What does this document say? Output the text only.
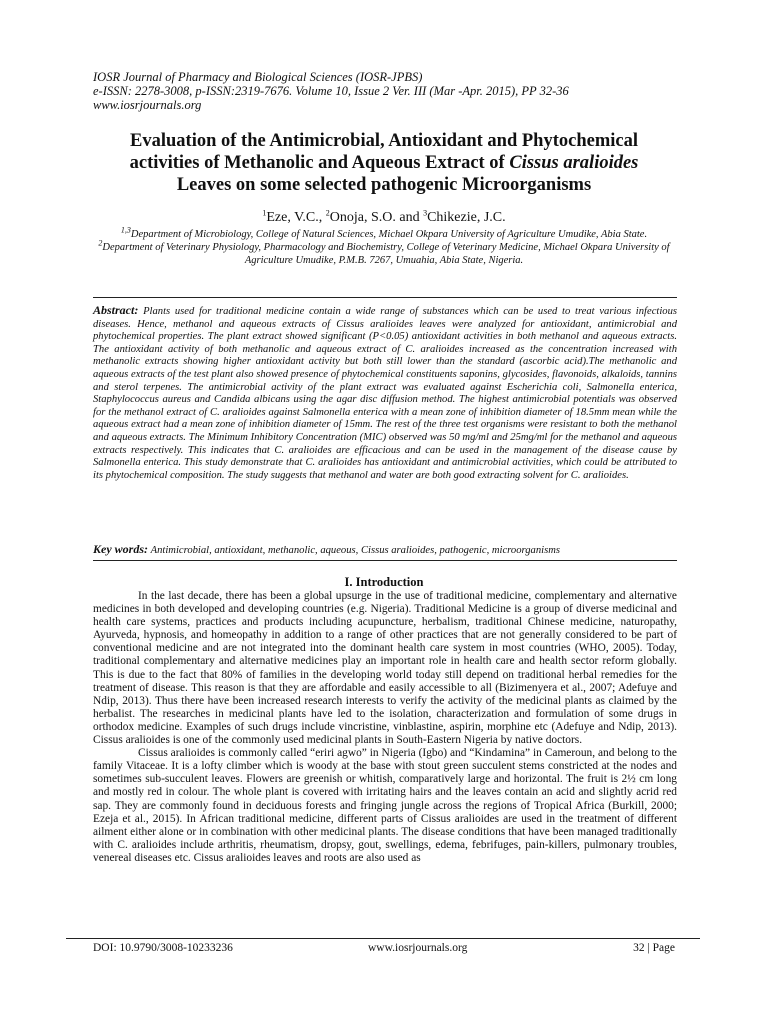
IOSR Journal of Pharmacy and Biological Sciences (IOSR-JPBS)
e-ISSN: 2278-3008, p-ISSN:2319-7676. Volume 10, Issue 2 Ver. III (Mar -Apr. 2015), PP 32-36
www.iosrjournals.org
Evaluation of the Antimicrobial, Antioxidant and Phytochemical
activities of Methanolic and Aqueous Extract of Cissus aralioides
Leaves on some selected pathogenic Microorganisms
$^1$Eze, V.C., $^2$Onoja, S.O. and $^3$Chikezie, J.C.

$^{1,3}$Department of Microbiology, College of Natural Sciences, Michael Okpara University of Agriculture Umudike, Abia State.

$^2$Department of Veterinary Physiology, Pharmacology and Biochemistry, College of Veterinary Medicine, Michael Okpara University of Agriculture Umudike, P.M.B. 7267, Umuahia, Abia State, Nigeria.

Abstract: Plants used for traditional medicine contain a wide range of substances which can be used to treat various infectious diseases. Hence, methanol and aqueous extracts of Cissus aralioides leaves were analyzed for antioxidant, antimicrobial and phytochemical properties. The plant extract showed significant (P<0.05) antioxidant activities in both methanol and aqueous extracts. The antioxidant activity of both methanolic and aqueous extract of C. aralioides increased as the concentration increased with methanolic extracts showing higher antioxidant activity but both still lower than the standard (ascorbic acid).The methanolic and aqueous extracts of the test plant also showed presence of phytochemical constituents saponins, glycosides, flavonoids, alkaloids, tannins and sterol terpenes. The antimicrobial activity of the plant extract was evaluated against Escherichia coli, Salmonella enterica, Staphylococcus aureus and Candida albicans using the agar disc diffusion method. The highest antimicrobial potentials was observed for the methanol extract of C. aralioides against Salmonella enterica with a mean zone of inhibition diameter of 18.5mm mean while the aqueous extract had a mean zone of inhibition diameter of 15mm. The rest of the three test organisms were resistant to both the methanol and aqueous extracts. The Minimum Inhibitory Concentration (MIC) observed was 50 mg/ml and 25mg/ml for the methanol and aqueous extracts respectively. This indicates that C. aralioides are efficacious and can be used in the management of the disease cause by Salmonella enterica. This study demonstrate that C. aralioides has antioxidant and antimicrobial activities, which could be attributed to its phytochemical composition. The study suggests that methanol and water are both good extracting solvent for C. aralioides.
Key words: Antimicrobial, antioxidant, methanolic, aqueous, Cissus aralioides, pathogenic, microorganisms
I. Introduction

In the last decade, there has been a global upsurge in the use of traditional medicine, complementary and alternative medicines in both developed and developing countries (e.g. Nigeria). Traditional Medicine is a group of diverse medicinal and health care systems, practices and products including acupuncture, herbalism, traditional Chinese medicine, naturopathy, Ayurveda, hypnosis, and homeopathy in addition to a range of other practices that are not generally considered to be part of conventional medicine and are not integrated into the dominant health care system in most countries (WHO, 2005). Today, traditional complementary and alternative medicines play an important role in health care and health sector reform globally. This is due to the fact that 80% of families in the developing world today still depend on traditional herbal remedies for the treatment of disease. This reason is that they are affordable and easily accessible to all (Bizimenyera et al., 2007; Adefuye and Ndip, 2013). Thus there have been increased research interests to verify the activity of the medicinal plants as claimed by the herbalist. The researches in medicinal plants have led to the isolation, characterization and formulation of some drugs in orthodox medicine. Examples of such drugs include vincristine, vinblastine, aspirin, morphine etc (Adefuye and Ndip, 2013). Cissus aralioides is one of the commonly used medicinal plants in South-Eastern Nigeria by native doctors.

Cissus aralioides is commonly called “eriri agwo” in Nigeria (Igbo) and “Kindamina” in Cameroun, and belong to the family Vitaceae. It is a lofty climber which is woody at the base with stout green succulent stems constricted at the nodes and sometimes sub-succulent leaves. Flowers are greenish or whitish, comparatively large and horizontal. The fruit is 2½ cm long and mostly red in colour. The whole plant is covered with irritating hairs and the leaves contain an acid and slightly acrid red sap. They are commonly found in deciduous forests and fringing jungle across the regions of Tropical Africa (Burkill, 2000; Ezeja et al., 2015). In African traditional medicine, different parts of Cissus aralioides are used in the treatment of different ailment either alone or in combination with other medicinal plants. The disease conditions that have been managed traditionally with C. aralioides include arthritis, rheumatism, dropsy, gout, swellings, edema, febrifuges, pain-killers, pulmonary troubles, venereal diseases etc. Cissus aralioides leaves and roots are also used as

DOI: 10.9790/3008-10233236	www.iosrjournals.org	32 | Page
